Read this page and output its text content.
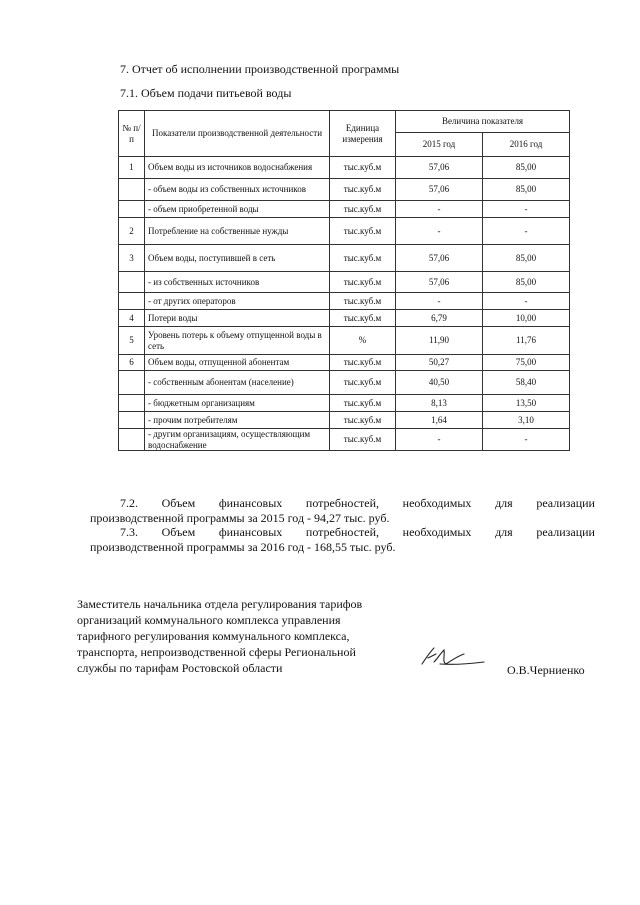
7. Отчет об исполнении производственной программы
7.1. Объем подачи питьевой воды
№ п/п	Показатели производственной деятельности	Единица измерения	Величина показателя	
			2015 год	2016 год
1	Объем воды из источников водоснабжения	тыс.куб.м	57,06	85,00
	- объем воды из собственных источников	тыс.куб.м	57,06	85,00
	- объем приобретенной воды	тыс.куб.м	-	-
2	Потребление на собственные нужды	тыс.куб.м	-	-
3	Объем воды, поступившей в сеть	тыс.куб.м	57,06	85,00
	- из собственных источников	тыс.куб.м	57,06	85,00
	- от других операторов	тыс.куб.м	-	-
4	Потери воды	тыс.куб.м	6,79	10,00
5	Уровень потерь к объему отпущенной воды в сеть	%	11,90	11,76
6	Объем воды, отпущенной абонентам	тыс.куб.м	50,27	75,00
	- собственным абонентам (население)	тыс.куб.м	40,50	58,40
	- бюджетным организациям	тыс.куб.м	8,13	13,50
	- прочим потребителям	тыс.куб.м	1,64	3,10
	- другим организациям, осуществляющим водоснабжение	тыс.куб.м	-	-
7.2. Объем финансовых потребностей, необходимых для реализации
производственной программы за 2015 год - 94,27 тыс. руб.
7.3. Объем финансовых потребностей, необходимых для реализации
производственной программы за 2016 год - 168,55 тыс. руб.
Заместитель начальника отдела регулирования тарифов
организаций коммунального комплекса управления
тарифного регулирования коммунального комплекса,
транспорта, непроизводственной сферы Региональной
службы по тарифам Ростовской области	О.В.Черниенко
